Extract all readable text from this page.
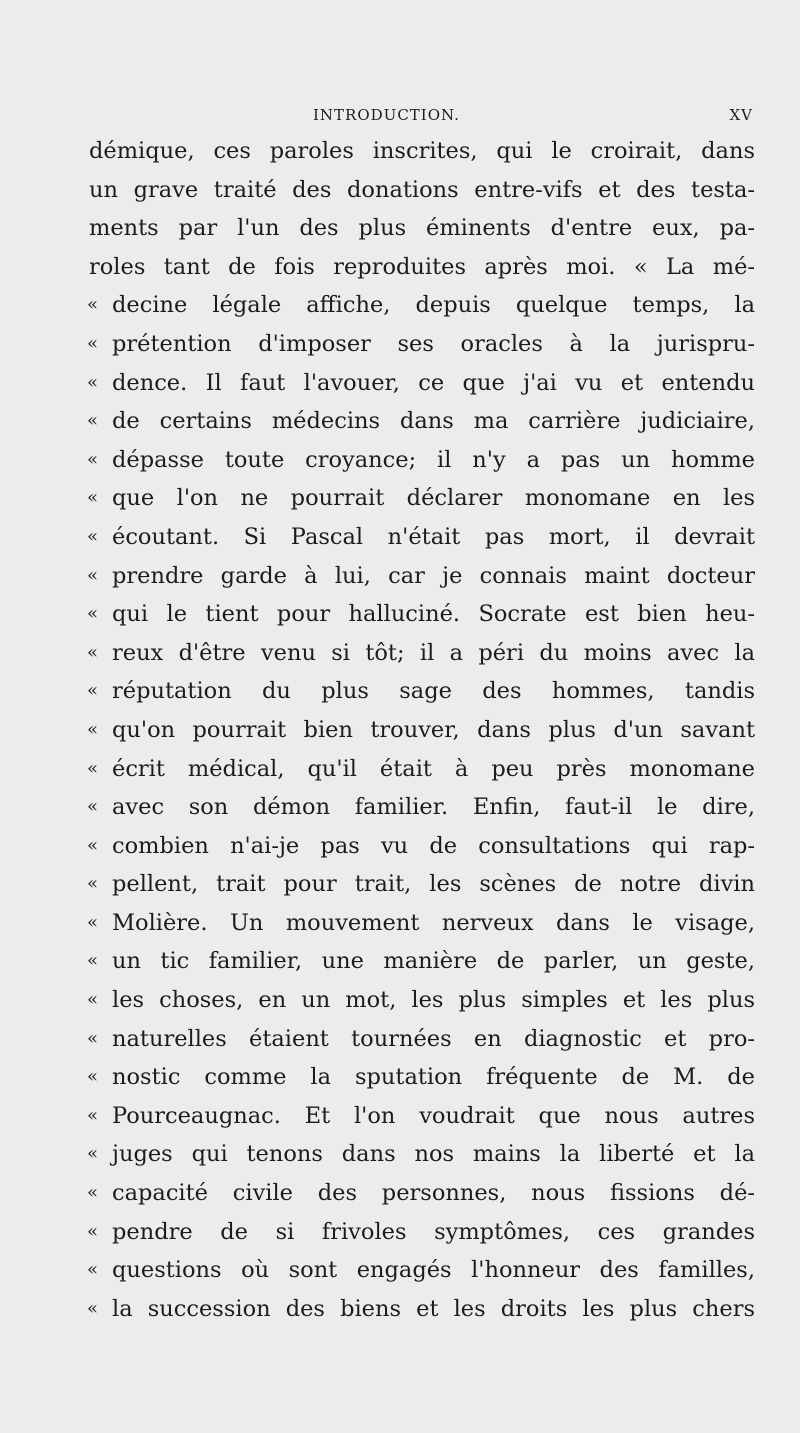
INTRODUCTION.	XV
démique, ces paroles inscrites, qui le croirait, dans
un grave traité des donations entre-vifs et des testa-
ments par l'un des plus éminents d'entre eux, pa-
roles tant de fois reproduites après moi. « La mé-
« decine légale affiche, depuis quelque temps, la
« prétention d'imposer ses oracles à la jurispru-
« dence. Il faut l'avouer, ce que j'ai vu et entendu
« de certains médecins dans ma carrière judiciaire,
« dépasse toute croyance; il n'y a pas un homme
« que l'on ne pourrait déclarer monomane en les
« écoutant. Si Pascal n'était pas mort, il devrait
« prendre garde à lui, car je connais maint docteur
« qui le tient pour halluciné. Socrate est bien heu-
« reux d'être venu si tôt; il a péri du moins avec la
« réputation du plus sage des hommes, tandis
« qu'on pourrait bien trouver, dans plus d'un savant
« écrit médical, qu'il était à peu près monomane
« avec son démon familier. Enfin, faut-il le dire,
« combien n'ai-je pas vu de consultations qui rap-
« pellent, trait pour trait, les scènes de notre divin
« Molière. Un mouvement nerveux dans le visage,
« un tic familier, une manière de parler, un geste,
« les choses, en un mot, les plus simples et les plus
« naturelles étaient tournées en diagnostic et pro-
« nostic comme la sputation fréquente de M. de
« Pourceaugnac. Et l'on voudrait que nous autres
« juges qui tenons dans nos mains la liberté et la
« capacité civile des personnes, nous fissions dé-
« pendre de si frivoles symptômes, ces grandes
« questions où sont engagés l'honneur des familles,
« la succession des biens et les droits les plus chers
